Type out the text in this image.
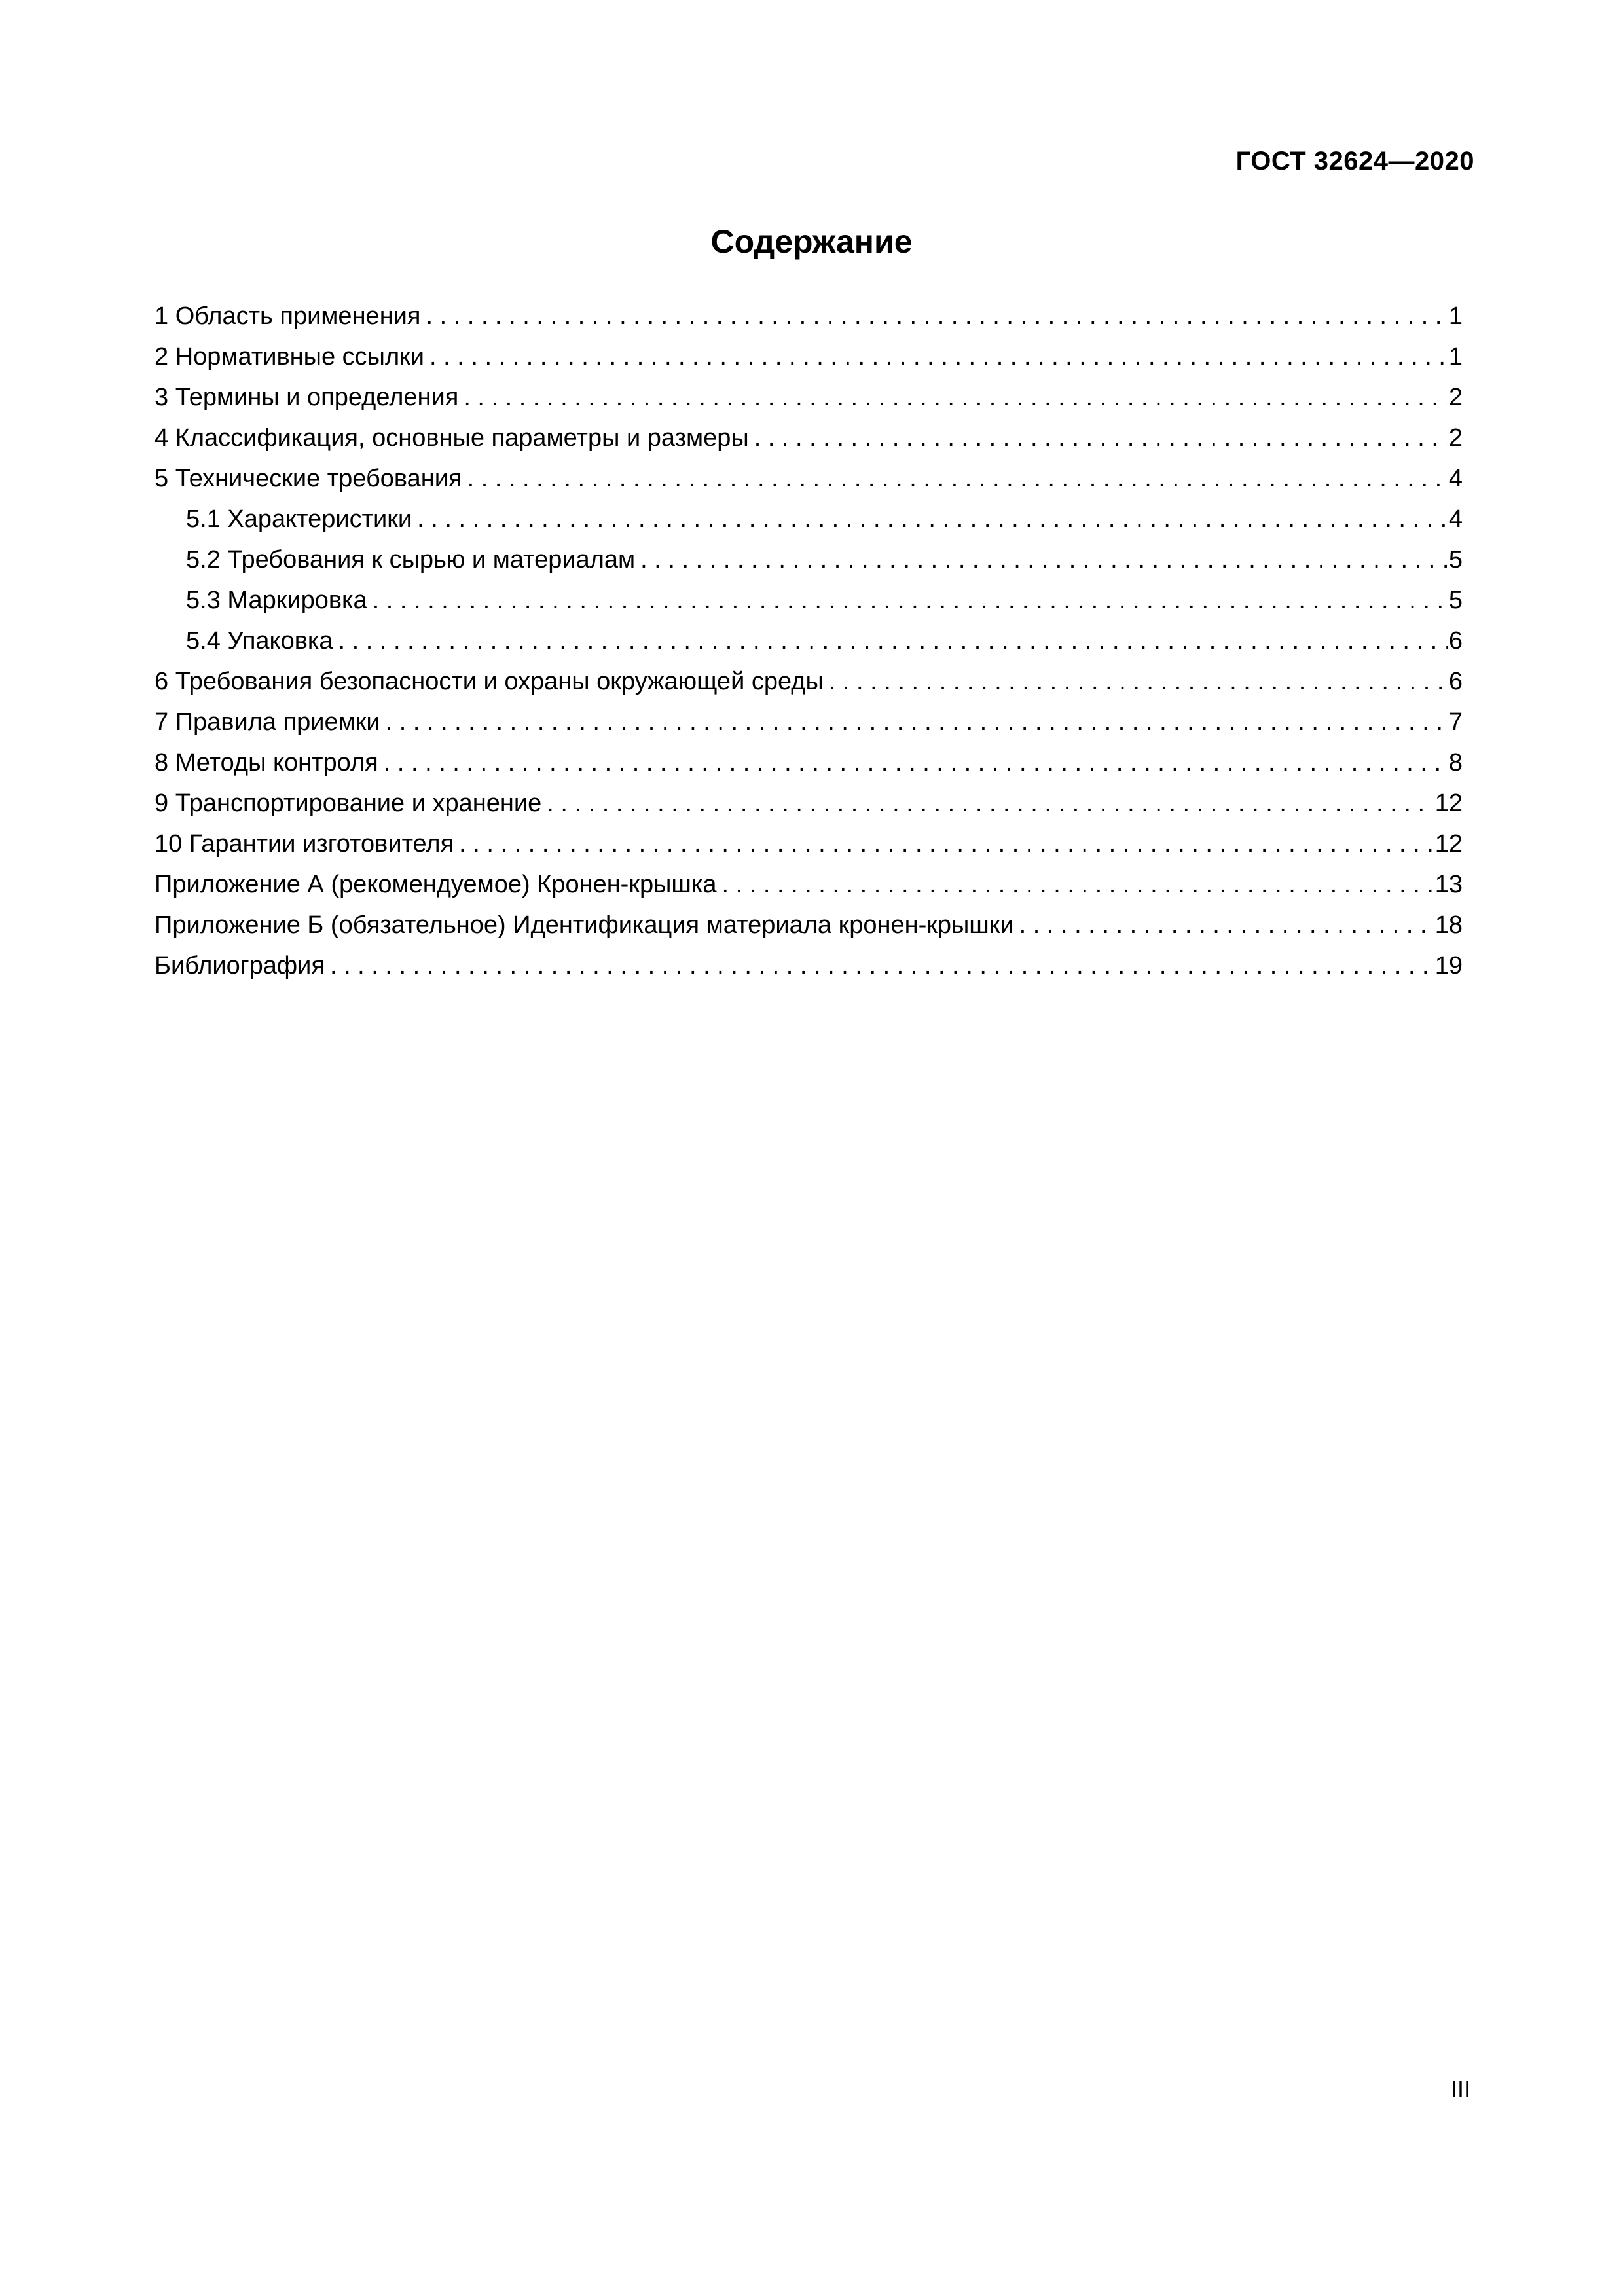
ГОСТ 32624—2020
Содержание
1 Область применения . . .	1
2 Нормативные ссылки . . .	1
3 Термины и определения . . .	2
4 Классификация, основные параметры и размеры . . .	2
5 Технические требования . . .	4
5.1 Характеристики . . .	4
5.2 Требования к сырью и материалам . . .	5
5.3 Маркировка . . .	5
5.4 Упаковка . . .	6
6 Требования безопасности и охраны окружающей среды . . .	6
7 Правила приемки . . .	7
8 Методы контроля . . .	8
9 Транспортирование и хранение . . .	12
10 Гарантии изготовителя . . .	12
Приложение А (рекомендуемое) Кронен-крышка . . .	13
Приложение Б (обязательное) Идентификация материала кронен-крышки . . .	18
Библиография . . .	19
III
